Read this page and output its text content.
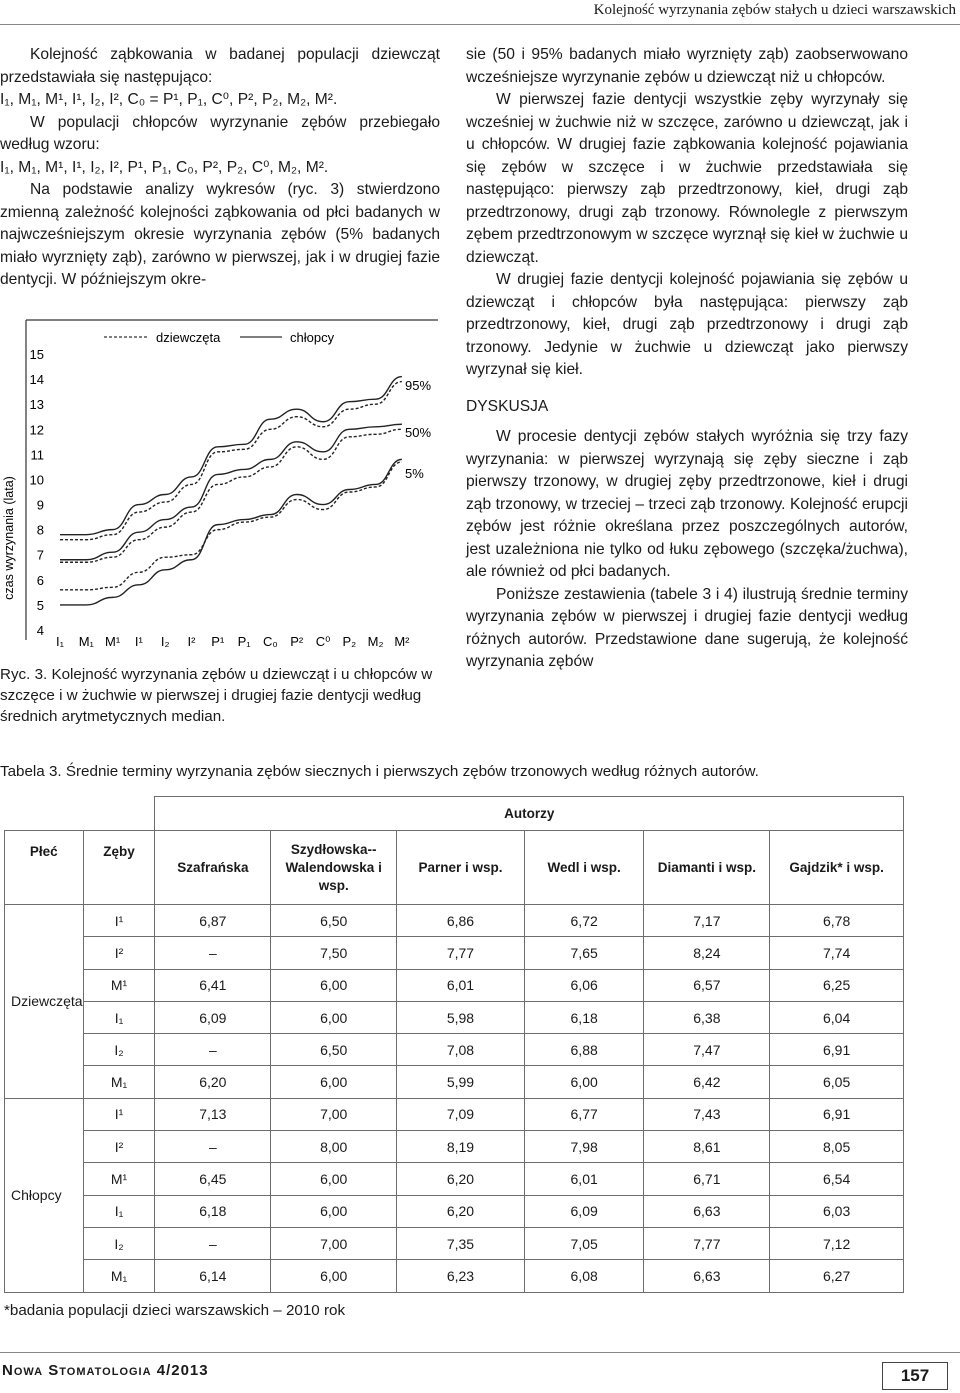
Kolejność wyrzynania zębów stałych u dzieci warszawskich

Kolejność ząbkowania w badanej populacji dziewcząt przedstawiała się następująco:

I₁, M₁, M¹, I¹, I₂, I², C₀ = P¹, P₁, C⁰, P², P₂, M₂, M².

W populacji chłopców wyrzynanie zębów przebiegało według wzoru:

I₁, M₁, M¹, I¹, I₂, I², P¹, P₁, C₀, P², P₂, C⁰, M₂, M².

Na podstawie analizy wykresów (ryc. 3) stwierdzono zmienną zależność kolejności ząbkowania od płci badanych w najwcześniejszym okresie wyrzynania zębów (5% badanych miało wyrznięty ząb), zarówno w pierwszej, jak i w drugiej fazie dentycji. W późniejszym okre-

dziewczęta	chłopcy
czas wyrzynania (lata)
4
5
6
7
8
9
10
11
12
13
14
15
I₁ M₁ M¹ I¹ I₂ I² P¹ P₁ C₀ P² C⁰ P₂ M₂ M²
95%
50%
5%

Ryc. 3. Kolejność wyrzynania zębów u dziewcząt i u chłopców w szczęce i w żuchwie w pierwszej i drugiej fazie dentycji według średnich arytmetycznych median.

sie (50 i 95% badanych miało wyrznięty ząb) zaobserwowano wcześniejsze wyrzynanie zębów u dziewcząt niż u chłopców.

W pierwszej fazie dentycji wszystkie zęby wyrzynały się wcześniej w żuchwie niż w szczęce, zarówno u dziewcząt, jak i u chłopców. W drugiej fazie ząbkowania kolejność pojawiania się zębów w szczęce i w żuchwie przedstawiała się następująco: pierwszy ząb przedtrzonowy, kieł, drugi ząb przedtrzonowy, drugi ząb trzonowy. Równolegle z pierwszym zębem przedtrzonowym w szczęce wyrznął się kieł w żuchwie u dziewcząt.

W drugiej fazie dentycji kolejność pojawiania się zębów u dziewcząt i chłopców była następująca: pierwszy ząb przedtrzonowy, kieł, drugi ząb przedtrzonowy i drugi ząb trzonowy. Jedynie w żuchwie u dziewcząt jako pierwszy wyrzynał się kieł.

DYSKUSJA

W procesie dentycji zębów stałych wyróżnia się trzy fazy wyrzynania: w pierwszej wyrzynają się zęby sieczne i ząb pierwszy trzonowy, w drugiej zęby przedtrzonowe, kieł i drugi ząb trzonowy, w trzeciej – trzeci ząb trzonowy. Kolejność erupcji zębów jest różnie określana przez poszczególnych autorów, jest uzależniona nie tylko od łuku zębowego (szczęka/żuchwa), ale również od płci badanych.

Poniższe zestawienia (tabele 3 i 4) ilustrują średnie terminy wyrzynania zębów w pierwszej i drugiej fazie dentycji według różnych autorów. Przedstawione dane sugerują, że kolejność wyrzynania zębów

Tabela 3. Średnie terminy wyrzynania zębów siecznych i pierwszych zębów trzonowych według różnych autorów.

		Autorzy					
Płeć	Zęby	Szafrańska	Szydłowska--Walendowska i wsp.	Parner i wsp.	Wedl i wsp.	Diamanti i wsp.	Gajdzik* i wsp.
Dziewczęta	I¹	6,87	6,50	6,86	6,72	7,17	6,78
	I²	–	7,50	7,77	7,65	8,24	7,74
	M¹	6,41	6,00	6,01	6,06	6,57	6,25
	I₁	6,09	6,00	5,98	6,18	6,38	6,04
	I₂	–	6,50	7,08	6,88	7,47	6,91
	M₁	6,20	6,00	5,99	6,00	6,42	6,05
Chłopcy	I¹	7,13	7,00	7,09	6,77	7,43	6,91
	I²	–	8,00	8,19	7,98	8,61	8,05
	M¹	6,45	6,00	6,20	6,01	6,71	6,54
	I₁	6,18	6,00	6,20	6,09	6,63	6,03
	I₂	–	7,00	7,35	7,05	7,77	7,12
	M₁	6,14	6,00	6,23	6,08	6,63	6,27

*badania populacji dzieci warszawskich – 2010 rok

Nowa Stomatologia 4/2013	157
